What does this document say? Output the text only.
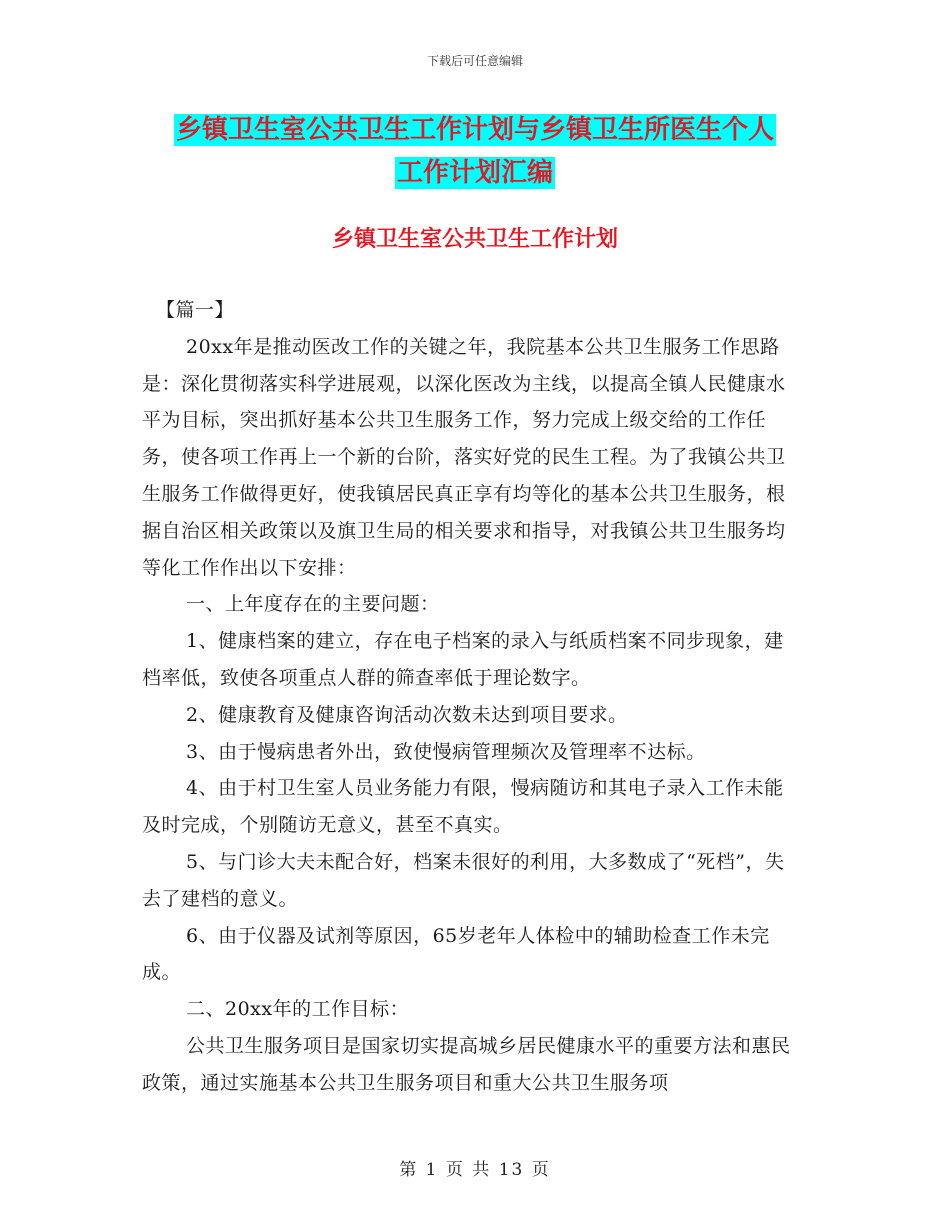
下载后可任意编辑
乡镇卫生室公共卫生工作计划与乡镇卫生所医生个人
工作计划汇编
乡镇卫生室公共卫生工作计划

【篇一】

20xx年是推动医改工作的关键之年，我院基本公共卫生服务工作思路是：深化贯彻落实科学进展观，以深化医改为主线，以提高全镇人民健康水平为目标，突出抓好基本公共卫生服务工作，努力完成上级交给的工作任务，使各项工作再上一个新的台阶，落实好党的民生工程。为了我镇公共卫生服务工作做得更好，使我镇居民真正享有均等化的基本公共卫生服务，根据自治区相关政策以及旗卫生局的相关要求和指导，对我镇公共卫生服务均等化工作作出以下安排：

一、上年度存在的主要问题：

1、健康档案的建立，存在电子档案的录入与纸质档案不同步现象，建档率低，致使各项重点人群的筛查率低于理论数字。

2、健康教育及健康咨询活动次数未达到项目要求。

3、由于慢病患者外出，致使慢病管理频次及管理率不达标。

4、由于村卫生室人员业务能力有限，慢病随访和其电子录入工作未能及时完成，个别随访无意义，甚至不真实。

5、与门诊大夫未配合好，档案未很好的利用，大多数成了“死档”，失去了建档的意义。

6、由于仪器及试剂等原因，65岁老年人体检中的辅助检查工作未完成。

二、20xx年的工作目标：

公共卫生服务项目是国家切实提高城乡居民健康水平的重要方法和惠民政策，通过实施基本公共卫生服务项目和重大公共卫生服务项

第 1 页 共 13 页
